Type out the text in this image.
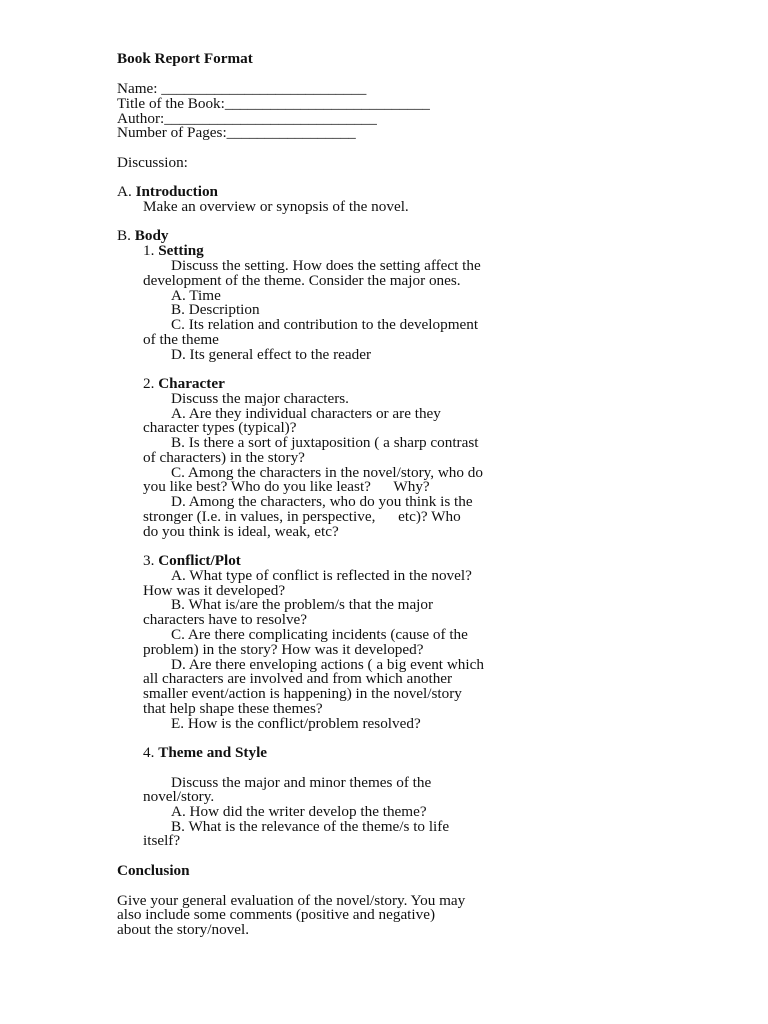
Book Report Format
Name: ___________________________
Title of the Book:___________________________
Author:____________________________
Number of Pages:_________________
Discussion:
A. Introduction
Make an overview or synopsis of the novel.
B. Body
1. Setting
Discuss the setting. How does the setting affect the
development of the theme. Consider the major ones.
A. Time
B. Description
C. Its relation and contribution to the development
of the theme
D. Its general effect to the reader
2. Character
Discuss the major characters.
A. Are they individual characters or are they
character types (typical)?
B. Is there a sort of juxtaposition ( a sharp contrast
of characters) in the story?
C. Among the characters in the novel/story, who do
you like best? Who do you like least?      Why?
D. Among the characters, who do you think is the
stronger (I.e. in values, in perspective,      etc)? Who
do you think is ideal, weak, etc?
3. Conflict/Plot
A. What type of conflict is reflected in the novel?
How was it developed?
B. What is/are the problem/s that the major
characters have to resolve?
C. Are there complicating incidents (cause of the
problem) in the story? How was it developed?
D. Are there enveloping actions ( a big event which
all characters are involved and from which another
smaller event/action is happening) in the novel/story
that help shape these themes?
E. How is the conflict/problem resolved?
4. Theme and Style
Discuss the major and minor themes of the
novel/story.
A. How did the writer develop the theme?
B. What is the relevance of the theme/s to life
itself?
Conclusion
Give your general evaluation of the novel/story. You may
also include some comments (positive and negative)
about the story/novel.
